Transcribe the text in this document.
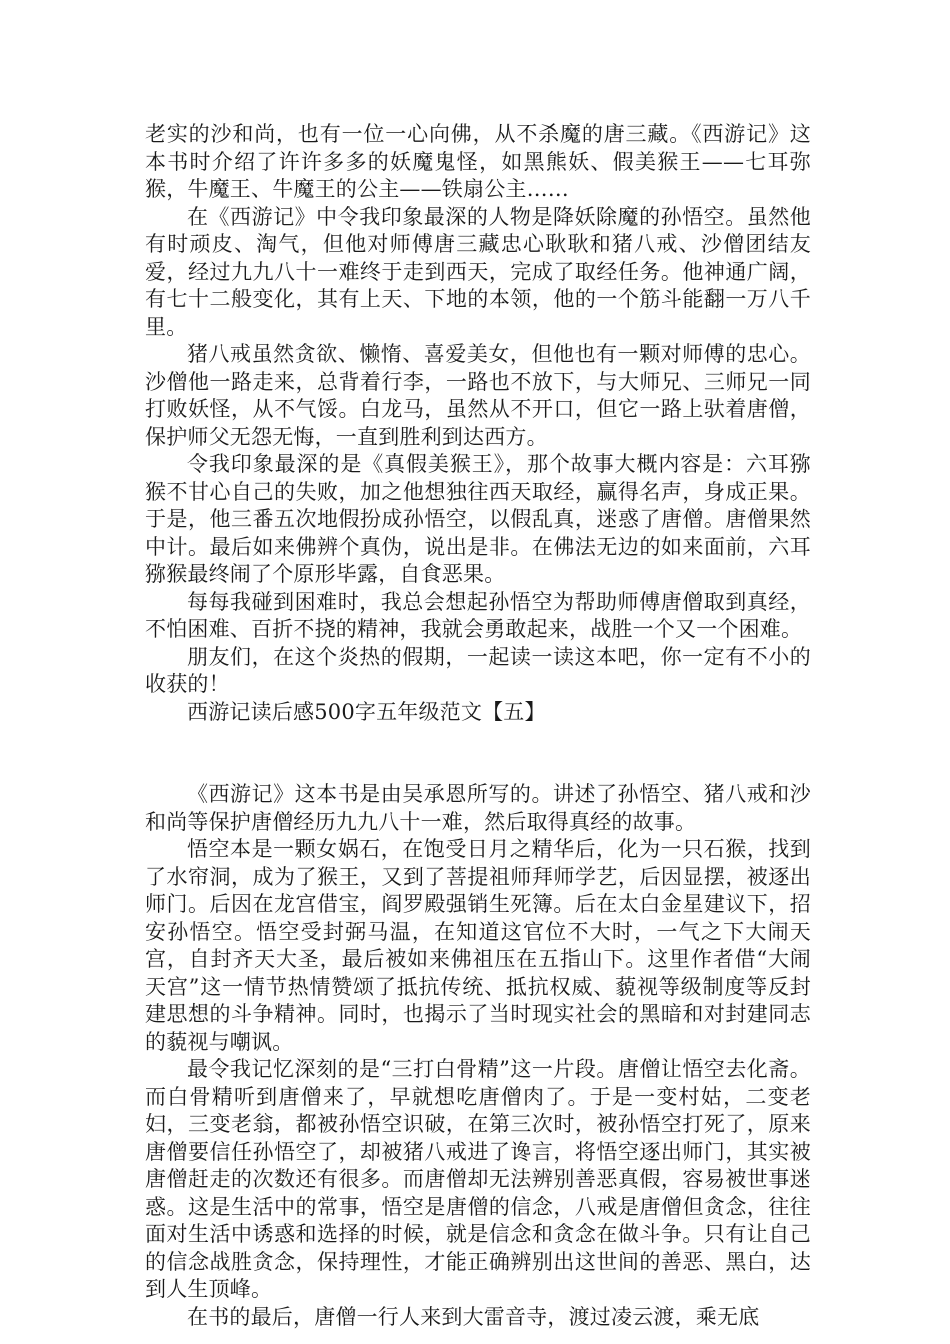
老实的沙和尚，也有一位一心向佛，从不杀魔的唐三藏。《西游记》这本书时介绍了许许多多的妖魔鬼怪，如黑熊妖、假美猴王——七耳弥猴，牛魔王、牛魔王的公主——铁扇公主……

在《西游记》中令我印象最深的人物是降妖除魔的孙悟空。虽然他有时顽皮、淘气，但他对师傅唐三藏忠心耿耿和猪八戒、沙僧团结友爱，经过九九八十一难终于走到西天，完成了取经任务。他神通广阔，有七十二般变化，其有上天、下地的本领，他的一个筋斗能翻一万八千里。

猪八戒虽然贪欲、懒惰、喜爱美女，但他也有一颗对师傅的忠心。沙僧他一路走来，总背着行李，一路也不放下，与大师兄、三师兄一同打败妖怪，从不气馁。白龙马，虽然从不开口，但它一路上驮着唐僧，保护师父无怨无悔，一直到胜利到达西方。

令我印象最深的是《真假美猴王》，那个故事大概内容是：六耳猕猴不甘心自己的失败，加之他想独往西天取经，赢得名声，身成正果。于是，他三番五次地假扮成孙悟空，以假乱真，迷惑了唐僧。唐僧果然中计。最后如来佛辨个真伪，说出是非。在佛法无边的如来面前，六耳猕猴最终闹了个原形毕露，自食恶果。

每每我碰到困难时，我总会想起孙悟空为帮助师傅唐僧取到真经，不怕困难、百折不挠的精神，我就会勇敢起来，战胜一个又一个困难。

朋友们，在这个炎热的假期，一起读一读这本吧，你一定有不小的收获的！

西游记读后感500字五年级范文【五】

《西游记》这本书是由吴承恩所写的。讲述了孙悟空、猪八戒和沙和尚等保护唐僧经历九九八十一难，然后取得真经的故事。

悟空本是一颗女娲石，在饱受日月之精华后，化为一只石猴，找到了水帘洞，成为了猴王，又到了菩提祖师拜师学艺，后因显摆，被逐出师门。后因在龙宫借宝，阎罗殿强销生死簿。后在太白金星建议下，招安孙悟空。悟空受封弼马温，在知道这官位不大时，一气之下大闹天宫，自封齐天大圣，最后被如来佛祖压在五指山下。这里作者借“大闹天宫”这一情节热情赞颂了抵抗传统、抵抗权威、藐视等级制度等反封建思想的斗争精神。同时，也揭示了当时现实社会的黑暗和对封建同志的藐视与嘲讽。

最令我记忆深刻的是“三打白骨精”这一片段。唐僧让悟空去化斋。而白骨精听到唐僧来了，早就想吃唐僧肉了。于是一变村姑，二变老妇，三变老翁，都被孙悟空识破，在第三次时，被孙悟空打死了，原来唐僧要信任孙悟空了，却被猪八戒进了谗言，将悟空逐出师门，其实被唐僧赶走的次数还有很多。而唐僧却无法辨别善恶真假，容易被世事迷惑。这是生活中的常事，悟空是唐僧的信念，八戒是唐僧但贪念，往往面对生活中诱惑和选择的时候，就是信念和贪念在做斗争。只有让自己的信念战胜贪念，保持理性，才能正确辨别出这世间的善恶、黑白，达到人生顶峰。

在书的最后，唐僧一行人来到大雷音寺，渡过凌云渡，乘无底
